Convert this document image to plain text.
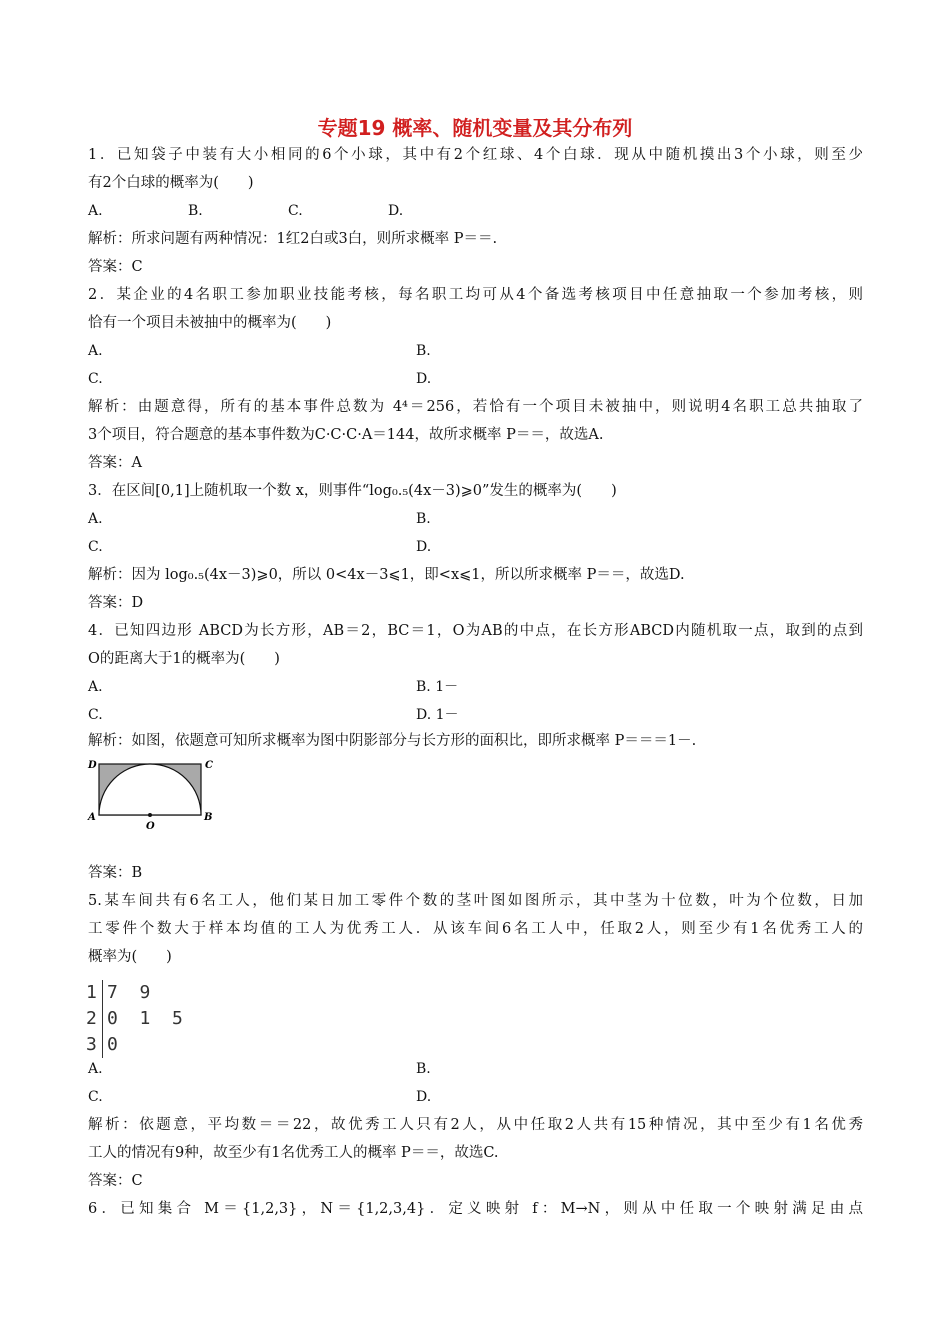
专题19 概率、随机变量及其分布列
1．已知袋子中装有大小相同的6个小球，其中有2个红球、4个白球．现从中随机摸出3个小球，则至少
有2个白球的概率为(　　)
A.	B.	C.	D.
解析：所求问题有两种情况：1红2白或3白，则所求概率 P＝＝.
答案：C
2．某企业的4名职工参加职业技能考核，每名职工均可从4个备选考核项目中任意抽取一个参加考核，则
恰有一个项目未被抽中的概率为(　　)
A.	B.
C.	D.
解析：由题意得，所有的基本事件总数为 4⁴＝256，若恰有一个项目未被抽中，则说明4名职工总共抽取了
3个项目，符合题意的基本事件数为C·C·C·A＝144，故所求概率 P＝＝，故选A.
答案：A
3．在区间[0,1]上随机取一个数 x，则事件“log₀.₅(4x－3)⩾0”发生的概率为(　　)
A.	B.
C.	D.
解析：因为 log₀.₅(4x－3)⩾0，所以 0<4x－3⩽1，即<x⩽1，所以所求概率 P＝＝，故选D.
答案：D
4．已知四边形 ABCD为长方形，AB＝2，BC＝1，O为AB的中点，在长方形ABCD内随机取一点，取到的点到
O的距离大于1的概率为(　　)
A.	B. 1－
C.	D. 1－
解析：如图，依题意可知所求概率为图中阴影部分与长方形的面积比，即所求概率 P＝＝＝1－.
D	C
A
O
B
答案：B
5.某车间共有6名工人，他们某日加工零件个数的茎叶图如图所示，其中茎为十位数，叶为个位数，日加
工零件个数大于样本均值的工人为优秀工人．从该车间6名工人中，任取2人，则至少有1名优秀工人的
概率为(　　)
1 7  9
2 0  1  5
3 0
A.	B.
C.	D.
解析：依题意，平均数＝＝22，故优秀工人只有2人，从中任取2人共有15种情况，其中至少有1名优秀
工人的情况有9种，故至少有1名优秀工人的概率 P＝＝，故选C.
答案：C
6．已知集合 M＝{1,2,3}，N＝{1,2,3,4}．定义映射 f：M→N，则从中任取一个映射满足由点
